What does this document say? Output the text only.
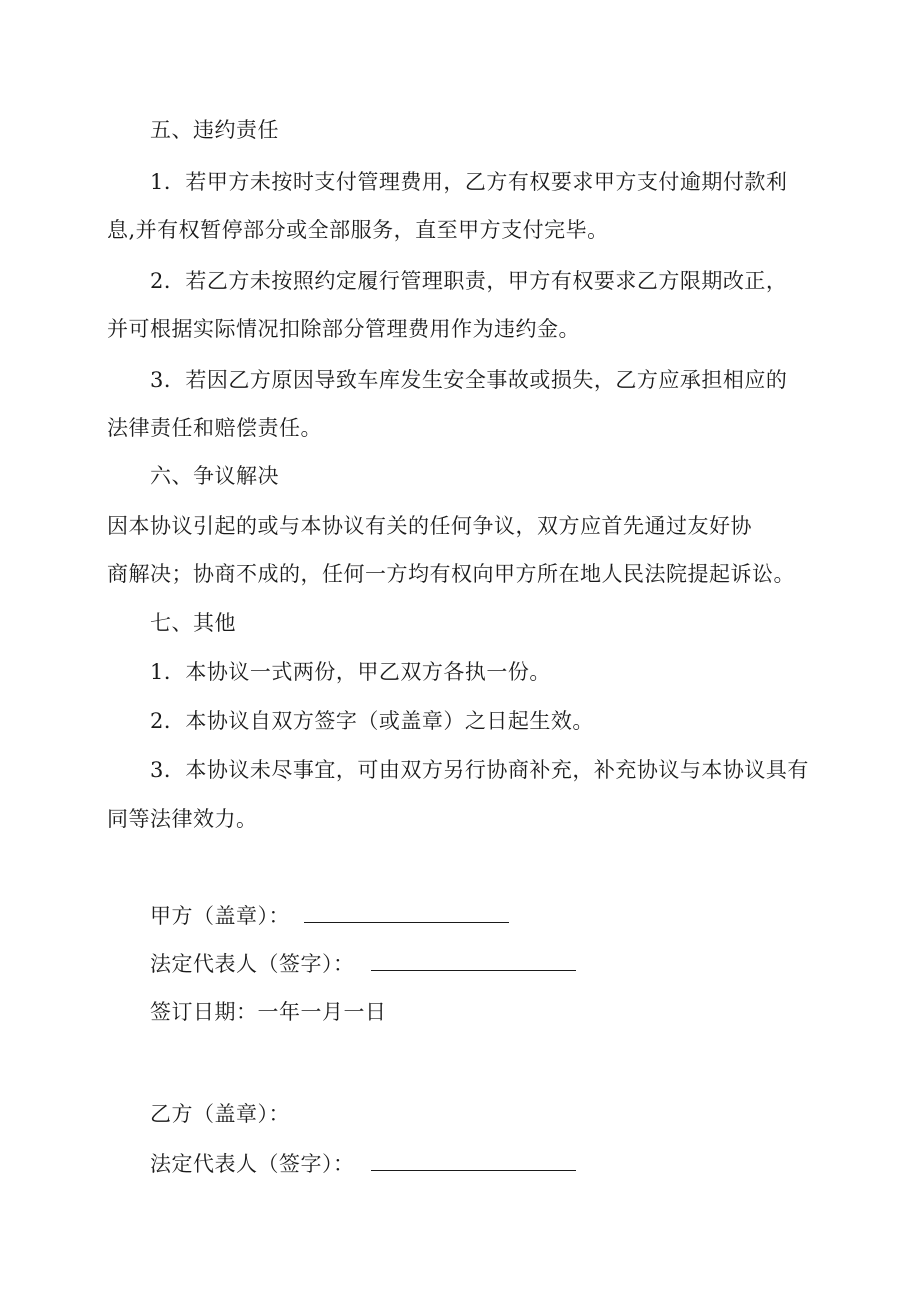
五、违约责任
1．若甲方未按时支付管理费用，乙方有权要求甲方支付逾期付款利
息,并有权暂停部分或全部服务，直至甲方支付完毕。
2．若乙方未按照约定履行管理职责，甲方有权要求乙方限期改正，
并可根据实际情况扣除部分管理费用作为违约金。
3．若因乙方原因导致车库发生安全事故或损失，乙方应承担相应的
法律责任和赔偿责任。
六、争议解决
因本协议引起的或与本协议有关的任何争议，双方应首先通过友好协
商解决；协商不成的，任何一方均有权向甲方所在地人民法院提起诉讼。
七、其他
1．本协议一式两份，甲乙双方各执一份。
2．本协议自双方签字（或盖章）之日起生效。
3．本协议未尽事宜，可由双方另行协商补充，补充协议与本协议具有
同等法律效力。
甲方（盖章）：
法定代表人（签字）：
签订日期：一年一月一日
乙方（盖章）：
法定代表人（签字）：
